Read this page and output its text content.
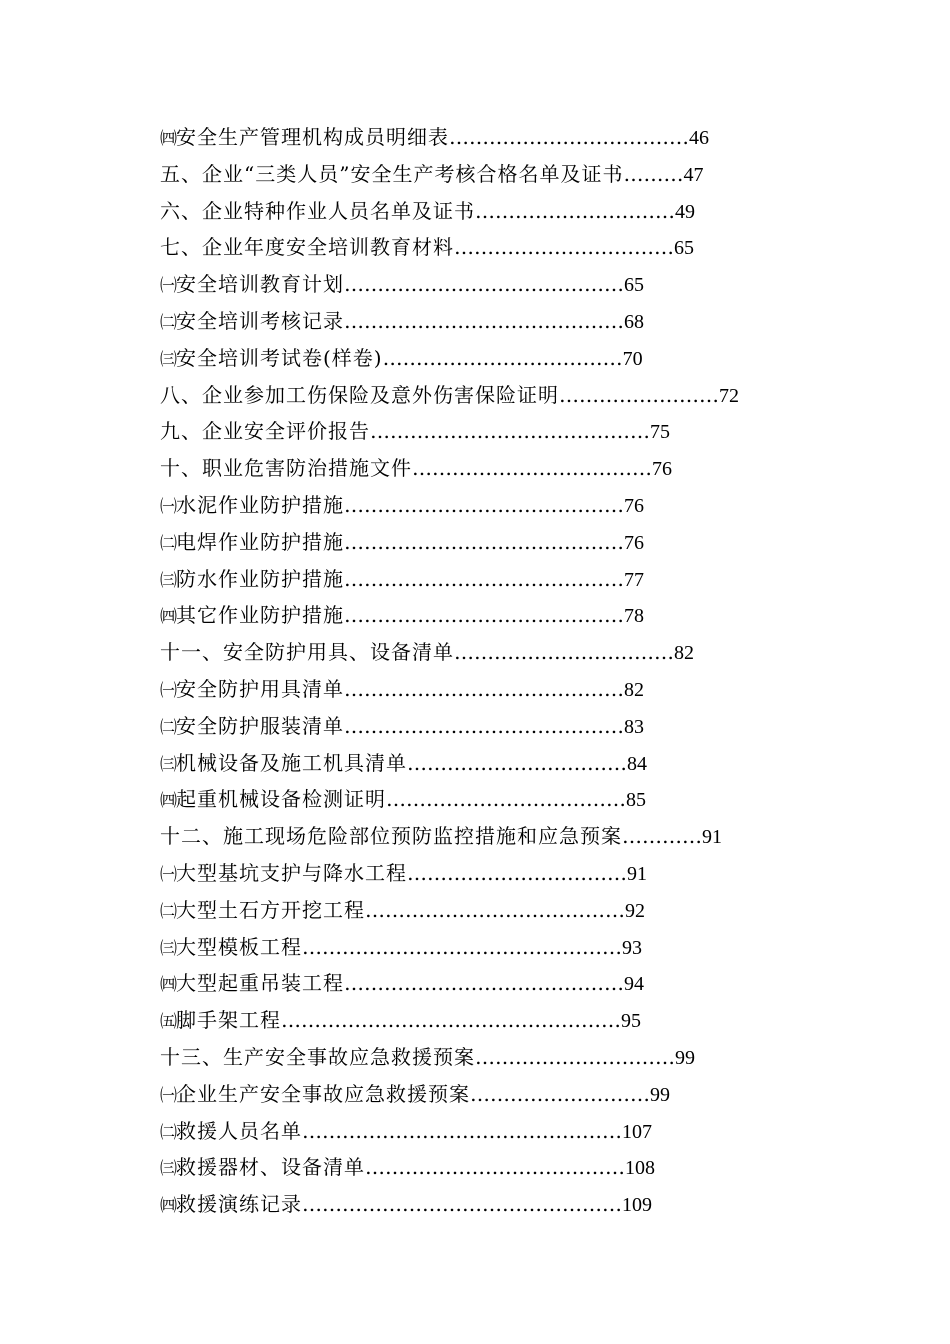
㈣安全生产管理机构成员明细表………………………………46
五、企业“三类人员”安全生产考核合格名单及证书………47
六、企业特种作业人员名单及证书…………………………49
七、企业年度安全培训教育材料……………………………65
㈠安全培训教育计划……………………………………65
㈡安全培训考核记录……………………………………68
㈢安全培训考试卷(样卷)………………………………70
八、企业参加工伤保险及意外伤害保险证明……………………72
九、企业安全评价报告……………………………………75
十、职业危害防治措施文件………………………………76
㈠水泥作业防护措施……………………………………76
㈡电焊作业防护措施……………………………………76
㈢防水作业防护措施……………………………………77
㈣其它作业防护措施……………………………………78
十一、安全防护用具、设备清单……………………………82
㈠安全防护用具清单……………………………………82
㈡安全防护服装清单……………………………………83
㈢机械设备及施工机具清单……………………………84
㈣起重机械设备检测证明………………………………85
十二、施工现场危险部位预防监控措施和应急预案…………91
㈠大型基坑支护与降水工程……………………………91
㈡大型土石方开挖工程…………………………………92
㈢大型模板工程…………………………………………93
㈣大型起重吊装工程……………………………………94
㈤脚手架工程……………………………………………95
十三、生产安全事故应急救援预案…………………………99
㈠企业生产安全事故应急救援预案………………………99
㈡救援人员名单…………………………………………107
㈢救援器材、设备清单…………………………………108
㈣救援演练记录…………………………………………109
